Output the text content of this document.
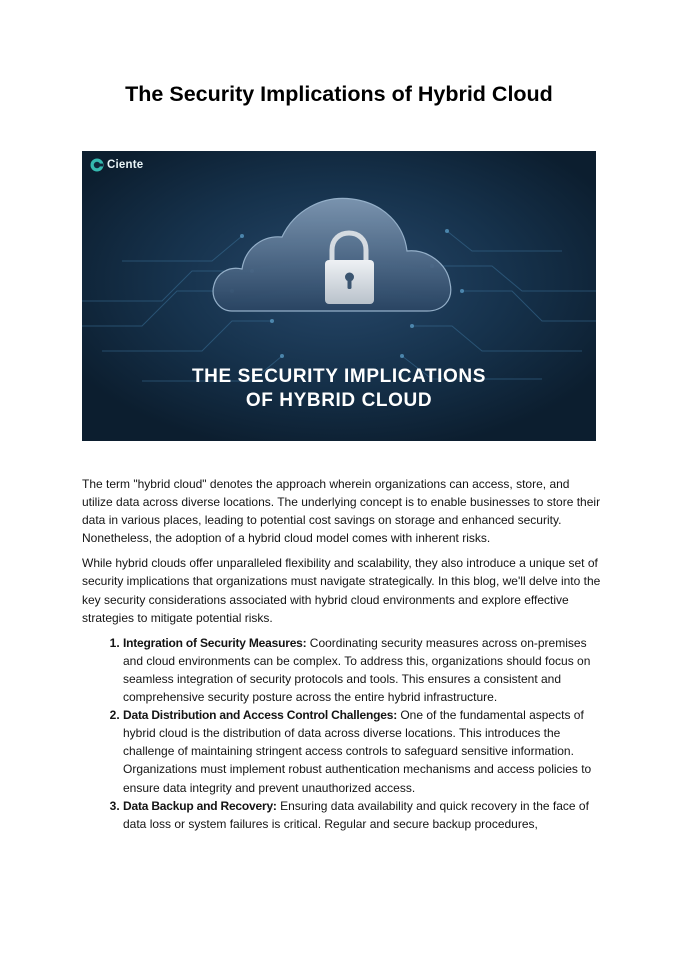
The Security Implications of Hybrid Cloud
Ciente
THE SECURITY IMPLICATIONS
OF HYBRID CLOUD

The term "hybrid cloud" denotes the approach wherein organizations can access, store, and utilize data across diverse locations. The underlying concept is to enable businesses to store their data in various places, leading to potential cost savings on storage and enhanced security. Nonetheless, the adoption of a hybrid cloud model comes with inherent risks.

While hybrid clouds offer unparalleled flexibility and scalability, they also introduce a unique set of security implications that organizations must navigate strategically. In this blog, we'll delve into the key security considerations associated with hybrid cloud environments and explore effective strategies to mitigate potential risks.

1. Integration of Security Measures: Coordinating security measures across on-premises and cloud environments can be complex. To address this, organizations should focus on seamless integration of security protocols and tools. This ensures a consistent and comprehensive security posture across the entire hybrid infrastructure.
2. Data Distribution and Access Control Challenges: One of the fundamental aspects of hybrid cloud is the distribution of data across diverse locations. This introduces the challenge of maintaining stringent access controls to safeguard sensitive information. Organizations must implement robust authentication mechanisms and access policies to ensure data integrity and prevent unauthorized access.
3. Data Backup and Recovery: Ensuring data availability and quick recovery in the face of data loss or system failures is critical. Regular and secure backup procedures,
